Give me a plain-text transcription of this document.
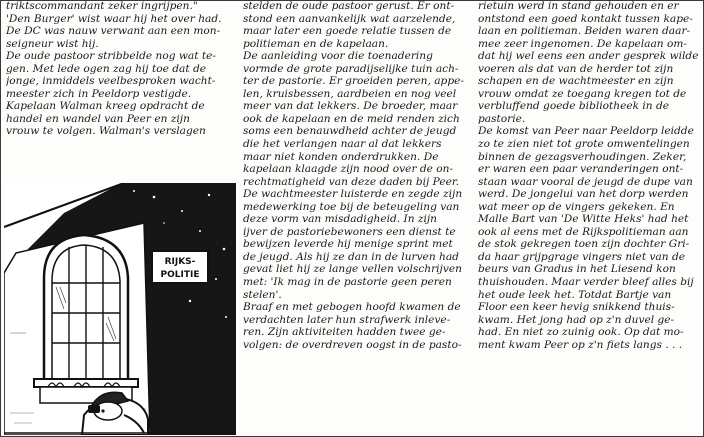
triktscommandant zeker ingrijpen."

'Den Burger' wist waar hij het over had.

De DC was nauw verwant aan een mon-

seigneur wist hij.

De oude pastoor stribbelde nog wat te-

gen. Met lede ogen zag hij toe dat de

jonge, inmiddels veelbesproken wacht-

meester zich in Peeldorp vestigde.

Kapelaan Walman kreeg opdracht de

handel en wandel van Peer en zijn

vrouw te volgen. Walman's verslagen

stelden de oude pastoor gerust. Er ont-

stond een aanvankelijk wat aarzelende,

maar later een goede relatie tussen de

politieman en de kapelaan.

De aanleiding voor die toenadering

vormde de grote paradijselijke tuin ach-

ter de pastorie. Er groeiden peren, appe-

len, kruisbessen, aardbeien en nog veel

meer van dat lekkers. De broeder, maar

ook de kapelaan en de meid renden zich

soms een benauwdheid achter de jeugd

die het verlangen naar al dat lekkers

maar niet konden onderdrukken. De

kapelaan klaagde zijn nood over de on-

rechtmatigheid van deze daden bij Peer.

De wachtmeester luisterde en zegde zijn

medewerking toe bij de beteugeling van

deze vorm van misdadigheid. In zijn

ijver de pastoriebewoners een dienst te

bewijzen leverde hij menige sprint met

de jeugd. Als hij ze dan in de lurven had

gevat liet hij ze lange vellen volschrijven

met: 'Ik mag in de pastorie geen peren

stelen'.

Braaf en met gebogen hoofd kwamen de

verdachten later hun strafwerk inleve-

ren. Zijn aktiviteiten hadden twee ge-

volgen: de overdreven oogst in de pasto-

rietuin werd in stand gehouden en er

ontstond een goed kontakt tussen kape-

laan en politieman. Beiden waren daar-

mee zeer ingenomen. De kapelaan om-

dat hij wel eens een ander gesprek wilde

voeren als dat van de herder tot zijn

schapen en de wachtmeester en zijn

vrouw omdat ze toegang kregen tot de

verbluffend goede bibliotheek in de

pastorie.

De komst van Peer naar Peeldorp leidde

zo te zien niet tot grote omwentelingen

binnen de gezagsverhoudingen. Zeker,

er waren een paar veranderingen ont-

staan waar vooral de jeugd de dupe van

werd. De jongelui van het dorp werden

wat meer op de vingers gekeken. En

Malle Bart van 'De Witte Heks' had het

ook al eens met de Rijkspolitieman aan

de stok gekregen toen zijn dochter Gri-

da haar grijpgrage vingers niet van de

beurs van Gradus in het Liesend kon

thuishouden. Maar verder bleef alles bij

het oude leek het. Totdat Bartje van

Floor een keer hevig snikkend thuis-

kwam. Het jong had op z'n duvel ge-

had. En niet zo zuinig ook. Op dat mo-

ment kwam Peer op z'n fiets langs . . .

RIJKS-
POLITIE
